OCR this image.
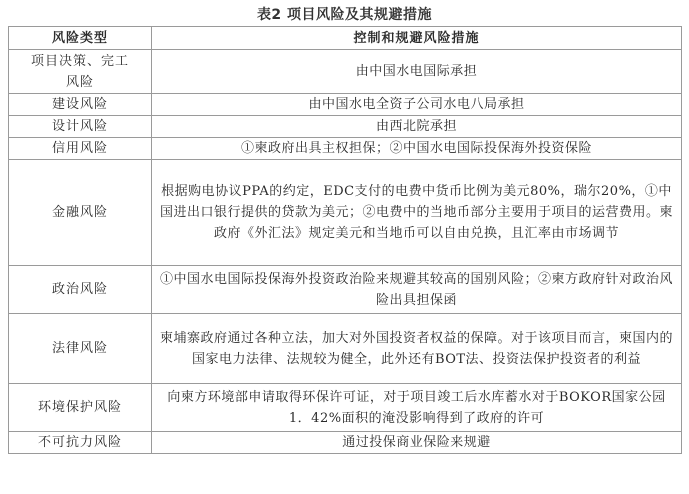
表2 项目风险及其规避措施
风险类型	控制和规避风险措施
项目决策、完工风险	由中国水电国际承担
建设风险	由中国水电全资子公司水电八局承担
设计风险	由西北院承担
信用风险	①柬政府出具主权担保；②中国水电国际投保海外投资保险
金融风险	根据购电协议PPA的约定，EDC支付的电费中货币比例为美元80%，瑞尔20%，①中国进出口银行提供的贷款为美元；②电费中的当地币部分主要用于项目的运营费用。柬政府《外汇法》规定美元和当地币可以自由兑换，且汇率由市场调节
政治风险	①中国水电国际投保海外投资政治险来规避其较高的国别风险；②柬方政府针对政治风险出具担保函
法律风险	柬埔寨政府通过各种立法，加大对外国投资者权益的保障。对于该项目而言，柬国内的国家电力法律、法规较为健全，此外还有BOT法、投资法保护投资者的利益
环境保护风险	向柬方环境部申请取得环保许可证，对于项目竣工后水库蓄水对于BOKOR国家公园1．42%面积的淹没影响得到了政府的许可
不可抗力风险	通过投保商业保险来规避
